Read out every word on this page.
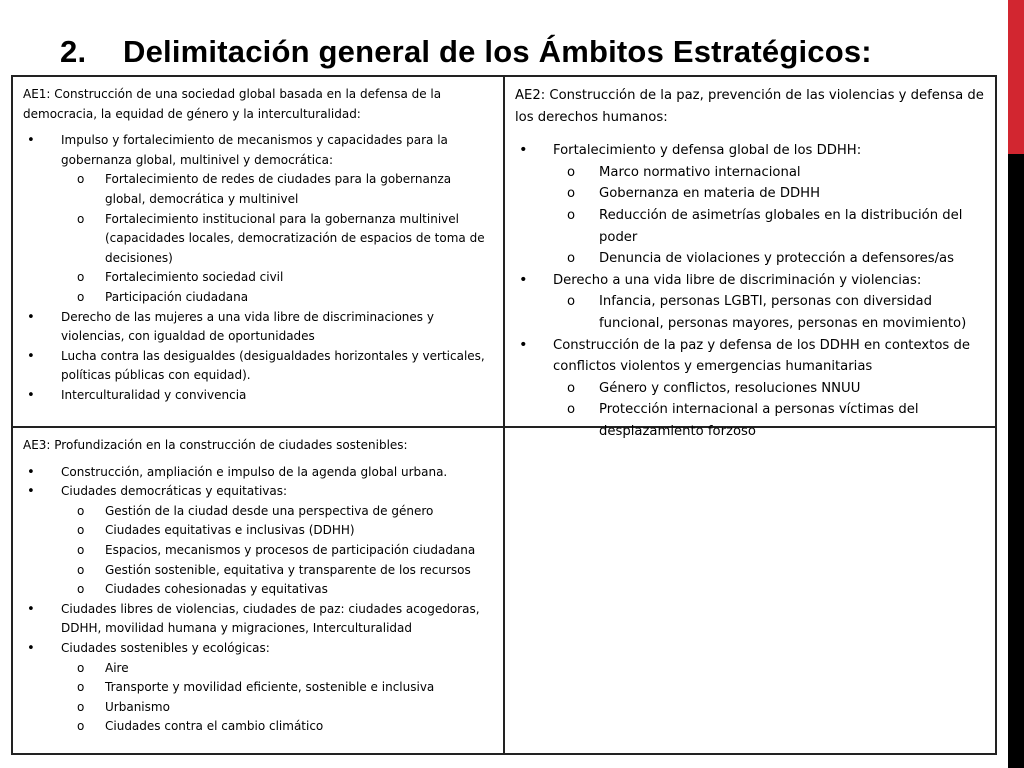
2. Delimitación general de los Ámbitos Estratégicos:
AE1: Construcción de una sociedad global basada en la defensa de la democracia, la equidad de género y la interculturalidad:
• Impulso y fortalecimiento de mecanismos y capacidades para la gobernanza global, multinivel y democrática:
o Fortalecimiento de redes de ciudades para la gobernanza global, democrática y multinivel
o Fortalecimiento institucional para la gobernanza multinivel (capacidades locales, democratización de espacios de toma de decisiones)
o Fortalecimiento sociedad civil
o Participación ciudadana
• Derecho de las mujeres a una vida libre de discriminaciones y violencias, con igualdad de oportunidades
• Lucha contra las desigualdes (desigualdades horizontales y verticales, políticas públicas con equidad).
• Interculturalidad y convivencia
AE2: Construcción de la paz, prevención de las violencias y defensa de los derechos humanos:
• Fortalecimiento y defensa global de los DDHH:
o Marco normativo internacional
o Gobernanza en materia de DDHH
o Reducción de asimetrías globales en la distribución del poder
o Denuncia de violaciones y protección a defensores/as
• Derecho a una vida libre de discriminación y violencias:
o Infancia, personas LGBTI, personas con diversidad funcional, personas mayores, personas en movimiento)
• Construcción de la paz y defensa de los DDHH en contextos de conflictos violentos y emergencias humanitarias
o Género y conflictos, resoluciones NNUU
o Protección internacional a personas víctimas del desplazamiento forzoso
AE3: Profundización en la construcción de ciudades sostenibles:
• Construcción, ampliación e impulso de la agenda global urbana.
• Ciudades democráticas y equitativas:
o Gestión de la ciudad desde una perspectiva de género
o Ciudades equitativas e inclusivas (DDHH)
o Espacios, mecanismos y procesos de participación ciudadana
o Gestión sostenible, equitativa y transparente de los recursos
o Ciudades cohesionadas y equitativas
• Ciudades libres de violencias, ciudades de paz: ciudades acogedoras, DDHH, movilidad humana y migraciones, Interculturalidad
• Ciudades sostenibles y ecológicas:
o Aire
o Transporte y movilidad eficiente, sostenible e inclusiva
o Urbanismo
o Ciudades contra el cambio climático
